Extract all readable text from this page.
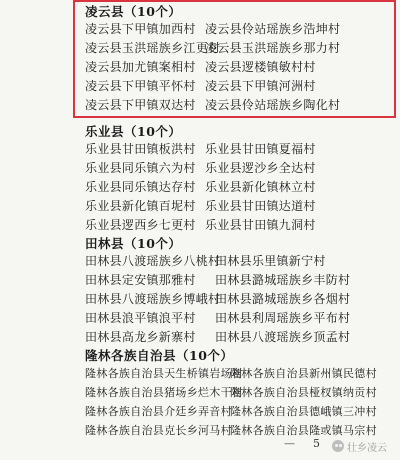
凌云县（10个）
凌云县下甲镇加西村
凌云县玉洪瑶族乡江更村
凌云县加尤镇案相村
凌云县下甲镇平怀村
凌云县下甲镇双达村
凌云县伶站瑶族乡浩坤村
凌云县玉洪瑶族乡那力村
凌云县逻楼镇敏村村
凌云县下甲镇河洲村
凌云县伶站瑶族乡陶化村
乐业县（10个）
乐业县甘田镇板洪村
乐业县同乐镇六为村
乐业县同乐镇达存村
乐业县新化镇百坭村
乐业县逻西乡七更村
乐业县甘田镇夏福村
乐业县逻沙乡全达村
乐业县新化镇林立村
乐业县甘田镇达道村
乐业县甘田镇九洞村
田林县（10个）
田林县八渡瑶族乡八桃村
田林县定安镇那雅村
田林县八渡瑶族乡博峨村
田林县浪平镇浪平村
田林县高龙乡新寨村
田林县乐里镇新宁村
田林县潞城瑶族乡丰防村
田林县潞城瑶族乡各烟村
田林县利周瑶族乡平布村
田林县八渡瑶族乡顶孟村
隆林各族自治县（10个）
隆林各族自治县天生桥镇岩场村
隆林各族自治县猪场乡烂木干村
隆林各族自治县介廷乡弄音村
隆林各族自治县克长乡河马村
隆林各族自治县新州镇民德村
隆林各族自治县桠杈镇纳贡村
隆林各族自治县德峨镇三冲村
隆林各族自治县隆或镇马宗村
— 5	壮乡凌云
